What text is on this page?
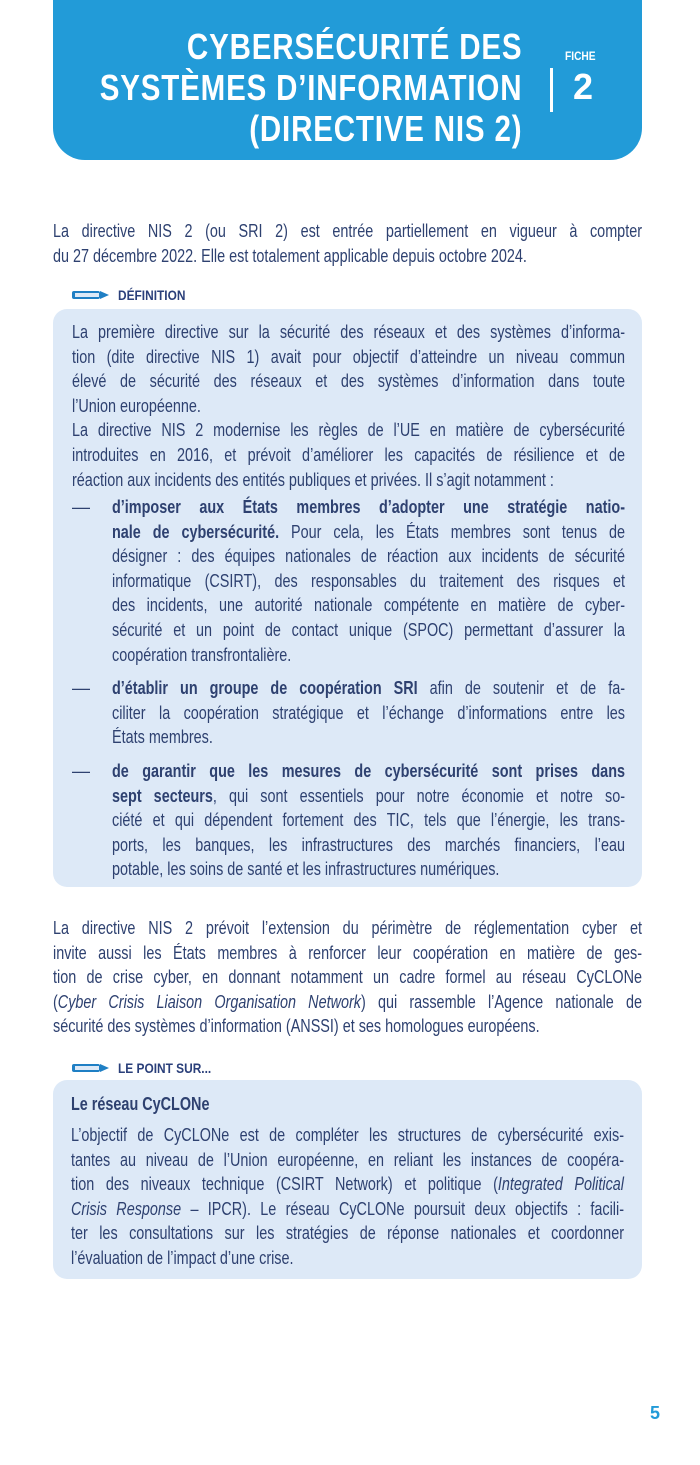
CYBERSÉCURITÉ DES
SYSTÈMES D’INFORMATION
(DIRECTIVE NIS 2)
FICHE
2
La directive NIS 2 (ou SRI 2) est entrée partiellement en vigueur à compter
du 27 décembre 2022. Elle est totalement applicable depuis octobre 2024.
DÉFINITION
La première directive sur la sécurité des réseaux et des systèmes d’informa-
tion (dite directive NIS 1) avait pour objectif d’atteindre un niveau commun
élevé de sécurité des réseaux et des systèmes d’information dans toute
l’Union européenne.
La directive NIS 2 modernise les règles de l’UE en matière de cybersécurité
introduites en 2016, et prévoit d’améliorer les capacités de résilience et de
réaction aux incidents des entités publiques et privées. Il s’agit notamment :
— d’imposer aux États membres d’adopter une stratégie natio-
nale de cybersécurité. Pour cela, les États membres sont tenus de
désigner : des équipes nationales de réaction aux incidents de sécurité
informatique (CSIRT), des responsables du traitement des risques et
des incidents, une autorité nationale compétente en matière de cyber-
sécurité et un point de contact unique (SPOC) permettant d’assurer la
coopération transfrontalière.
— d’établir un groupe de coopération SRI afin de soutenir et de fa-
ciliter la coopération stratégique et l’échange d’informations entre les
États membres.
— de garantir que les mesures de cybersécurité sont prises dans
sept secteurs, qui sont essentiels pour notre économie et notre so-
ciété et qui dépendent fortement des TIC, tels que l’énergie, les trans-
ports, les banques, les infrastructures des marchés financiers, l’eau
potable, les soins de santé et les infrastructures numériques.
La directive NIS 2 prévoit l’extension du périmètre de réglementation cyber et
invite aussi les États membres à renforcer leur coopération en matière de ges-
tion de crise cyber, en donnant notamment un cadre formel au réseau CyCLONe
(Cyber Crisis Liaison Organisation Network) qui rassemble l’Agence nationale de
sécurité des systèmes d’information (ANSSI) et ses homologues européens.
LE POINT SUR...
Le réseau CyCLONe
L’objectif de CyCLONe est de compléter les structures de cybersécurité exis-
tantes au niveau de l’Union européenne, en reliant les instances de coopéra-
tion des niveaux technique (CSIRT Network) et politique (Integrated Political
Crisis Response – IPCR). Le réseau CyCLONe poursuit deux objectifs : facili-
ter les consultations sur les stratégies de réponse nationales et coordonner
l’évaluation de l’impact d’une crise.
5
